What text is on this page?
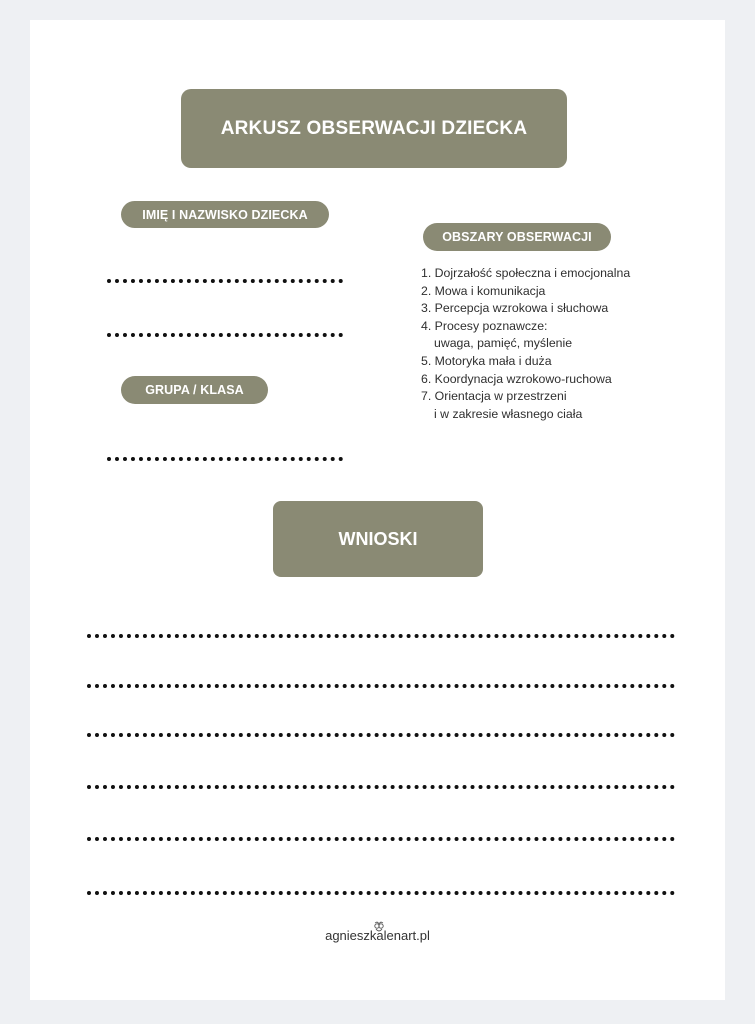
ARKUSZ OBSERWACJI DZIECKA
IMIĘ I NAZWISKO DZIECKA
GRUPA / KLASA
OBSZARY OBSERWACJI
1. Dojrzałość społeczna i emocjonalna
2. Mowa i komunikacja
3. Percepcja wzrokowa i słuchowa
4. Procesy poznawcze:
uwaga, pamięć, myślenie
5. Motoryka mała i duża
6. Koordynacja wzrokowo-ruchowa
7. Orientacja w przestrzeni
i w zakresie własnego ciała
WNIOSKI
agnieszkalenart.pl
